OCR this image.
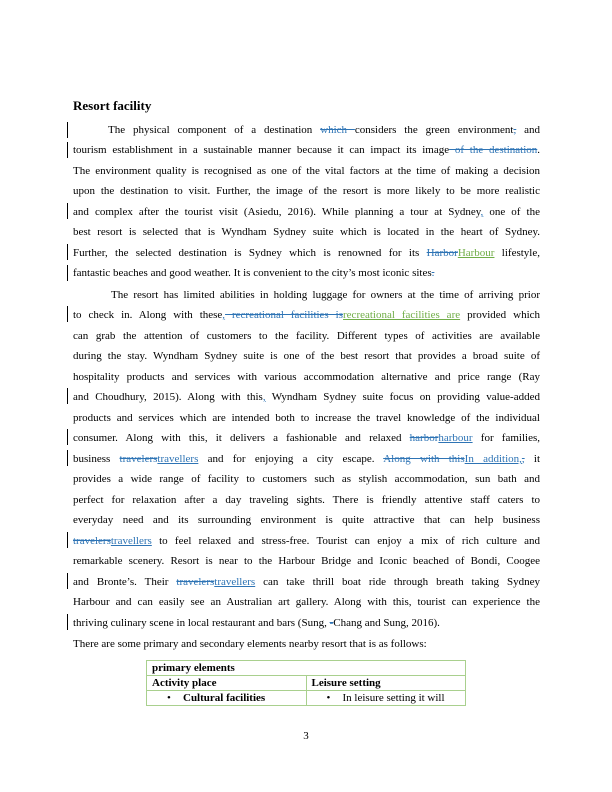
Resort facility
The physical component of a destination which considers the green environment, and
tourism establishment in a sustainable manner because it can impact its image of the destination.
The environment quality is recognised as one of the vital factors at the time of making a decision
upon the destination to visit. Further, the image of the resort is more likely to be more realistic
and complex after the tourist visit (Asiedu, 2016). While planning a tour at Sydney, one of the
best resort is selected that is Wyndham Sydney suite which is located in the heart of Sydney.
Further, the selected destination is Sydney which is renowned for its HarborHarbour lifestyle,
fantastic beaches and good weather. It is convenient to the city’s most iconic sites.
The resort has limited abilities in holding luggage for owners at the time of arriving prior
to check in. Along with these, recreational facilities isrecreational facilities are provided which
can grab the attention of customers to the facility. Different types of activities are available
during the stay. Wyndham Sydney suite is one of the best resort that provides a broad suite of
hospitality products and services with various accommodation alternative and price range (Ray
and Choudhury, 2015). Along with this, Wyndham Sydney suite focus on providing value-added
products and services which are intended both to increase the travel knowledge of the individual
consumer. Along with this, it delivers a fashionable and relaxed harborharbour for families,
business travelerstravellers and for enjoying a city escape. Along with thisIn addition,, it
provides a wide range of facility to customers such as stylish accommodation, sun bath and
perfect for relaxation after a day traveling sights. There is friendly attentive staff caters to
everyday need and its surrounding environment is quite attractive that can help business
travelerstravellers to feel relaxed and stress-free. Tourist can enjoy a mix of rich culture and
remarkable scenery. Resort is near to the Harbour Bridge and Iconic beached of Bondi, Coogee
and Bronte’s. Their travelerstravellers can take thrill boat ride through breath taking Sydney
Harbour and can easily see an Australian art gallery. Along with this, tourist can experience the
thriving culinary scene in local restaurant and bars (Sung, -Chang and Sung, 2016).
There are some primary and secondary elements nearby resort that is as follows:
primary elements	
Activity place	Leisure setting
• Cultural facilities	• In leisure setting it will
3
